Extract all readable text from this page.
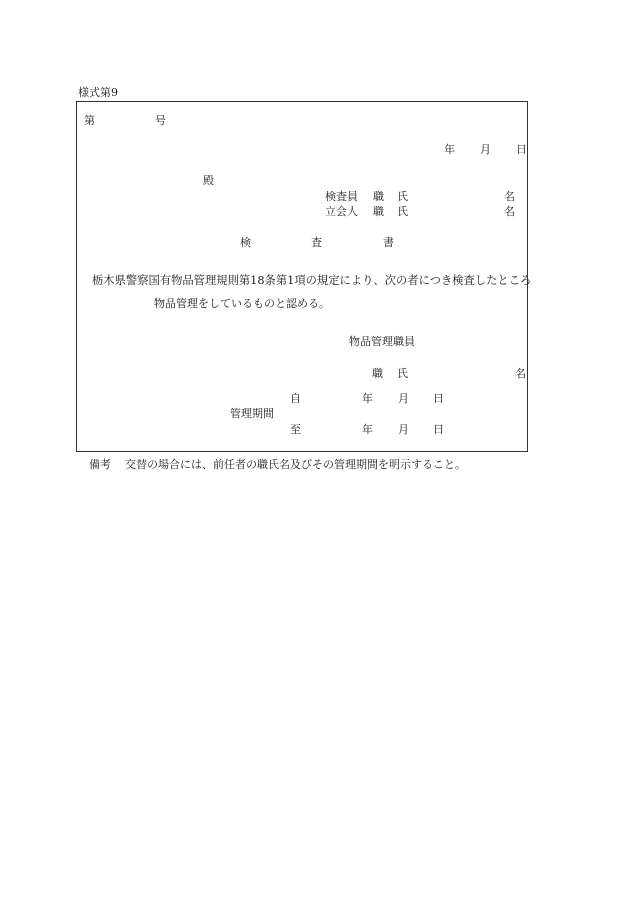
様式第9
第	号
年 月 日
殿
検査員 職 氏	名
立会人 職 氏	名
検	査	書
栃木県警察国有物品管理規則第18条第1項の規定により、次の者につき検査したところ
物品管理をしているものと認める。
物品管理職員
職 氏	名
自	年 月 日
管理期間
至	年 月 日
備考 交替の場合には、前任者の職氏名及びその管理期間を明示すること。
